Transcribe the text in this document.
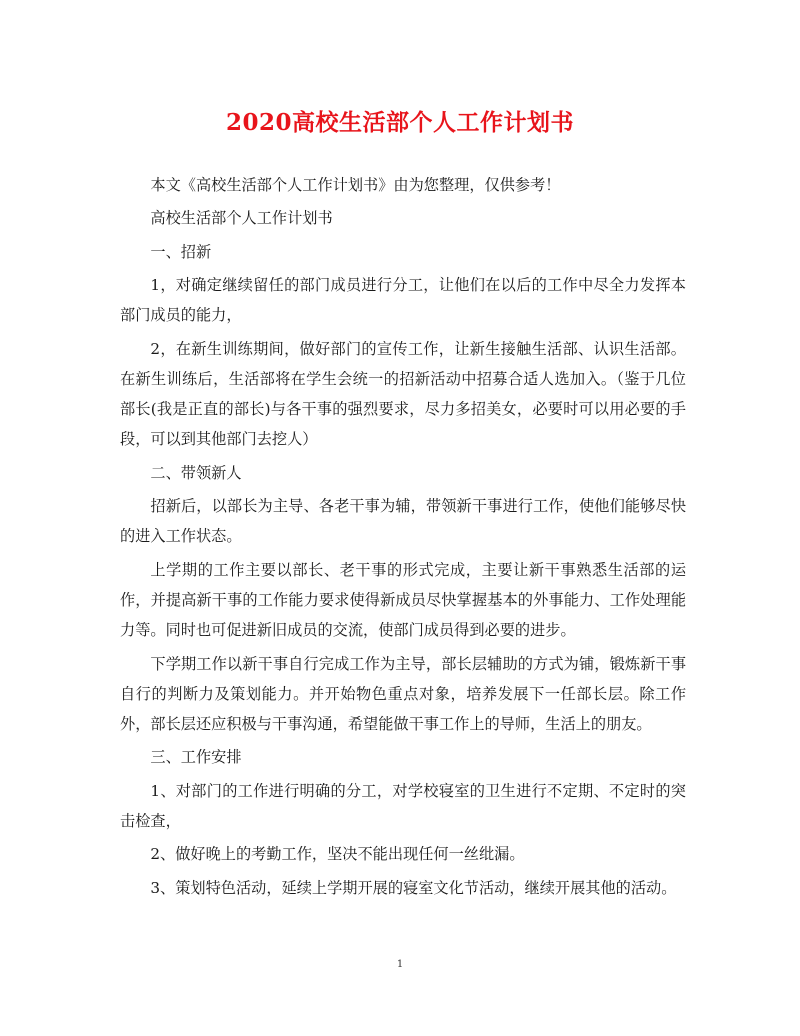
2020高校生活部个人工作计划书

本文《高校生活部个人工作计划书》由为您整理，仅供参考！

高校生活部个人工作计划书

一、招新

1，对确定继续留任的部门成员进行分工，让他们在以后的工作中尽全力发挥本部门成员的能力，

2，在新生训练期间，做好部门的宣传工作，让新生接触生活部、认识生活部。在新生训练后，生活部将在学生会统一的招新活动中招募合适人选加入。（鉴于几位部长(我是正直的部长)与各干事的强烈要求，尽力多招美女，必要时可以用必要的手段，可以到其他部门去挖人）

二、带领新人

招新后，以部长为主导、各老干事为辅，带领新干事进行工作，使他们能够尽快的进入工作状态。

上学期的工作主要以部长、老干事的形式完成，主要让新干事熟悉生活部的运作，并提高新干事的工作能力要求使得新成员尽快掌握基本的外事能力、工作处理能力等。同时也可促进新旧成员的交流，使部门成员得到必要的进步。

下学期工作以新干事自行完成工作为主导，部长层辅助的方式为铺，锻炼新干事自行的判断力及策划能力。并开始物色重点对象，培养发展下一任部长层。除工作外，部长层还应积极与干事沟通，希望能做干事工作上的导师，生活上的朋友。

三、工作安排

1、对部门的工作进行明确的分工，对学校寝室的卫生进行不定期、不定时的突击检查，

2、做好晚上的考勤工作，坚决不能出现任何一丝纰漏。

3、策划特色活动，延续上学期开展的寝室文化节活动，继续开展其他的活动。

1
